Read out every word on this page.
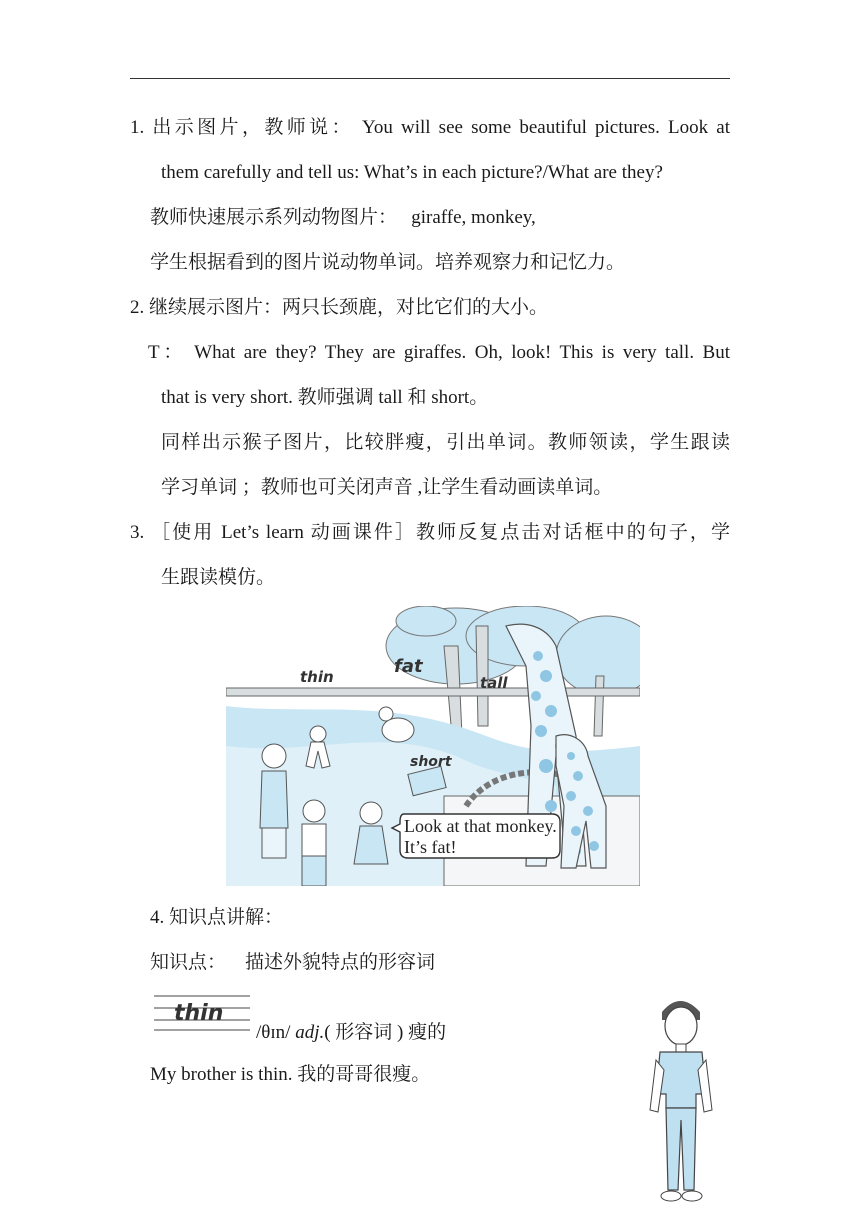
1. 出示图片，教师说： You will see some beautiful pictures. Look at
them carefully and tell us: What’s in each picture?/What are they?
教师快速展示系列动物图片： giraffe, monkey,
学生根据看到的图片说动物单词。培养观察力和记忆力。
2. 继续展示图片：两只长颈鹿，对比它们的大小。
T： What are they? They are giraffes. Oh, look! This is very tall. But
that is very short. 教师强调 tall 和 short。
同样出示猴子图片，比较胖瘦，引出单词。教师领读，学生跟读
学习单词 ；教师也可关闭声音 ,让学生看动画读单词。
3. ［使用 Let’s learn 动画课件］教师反复点击对话框中的句子，学
生跟读模仿。
thin	fat
tall
short
Look at that monkey.
It’s fat!
4. 知识点讲解：
知识点： 描述外貌特点的形容词
thin
/θɪn/ adj.( 形容词 ) 瘦的
My brother is thin. 我的哥哥很瘦。
